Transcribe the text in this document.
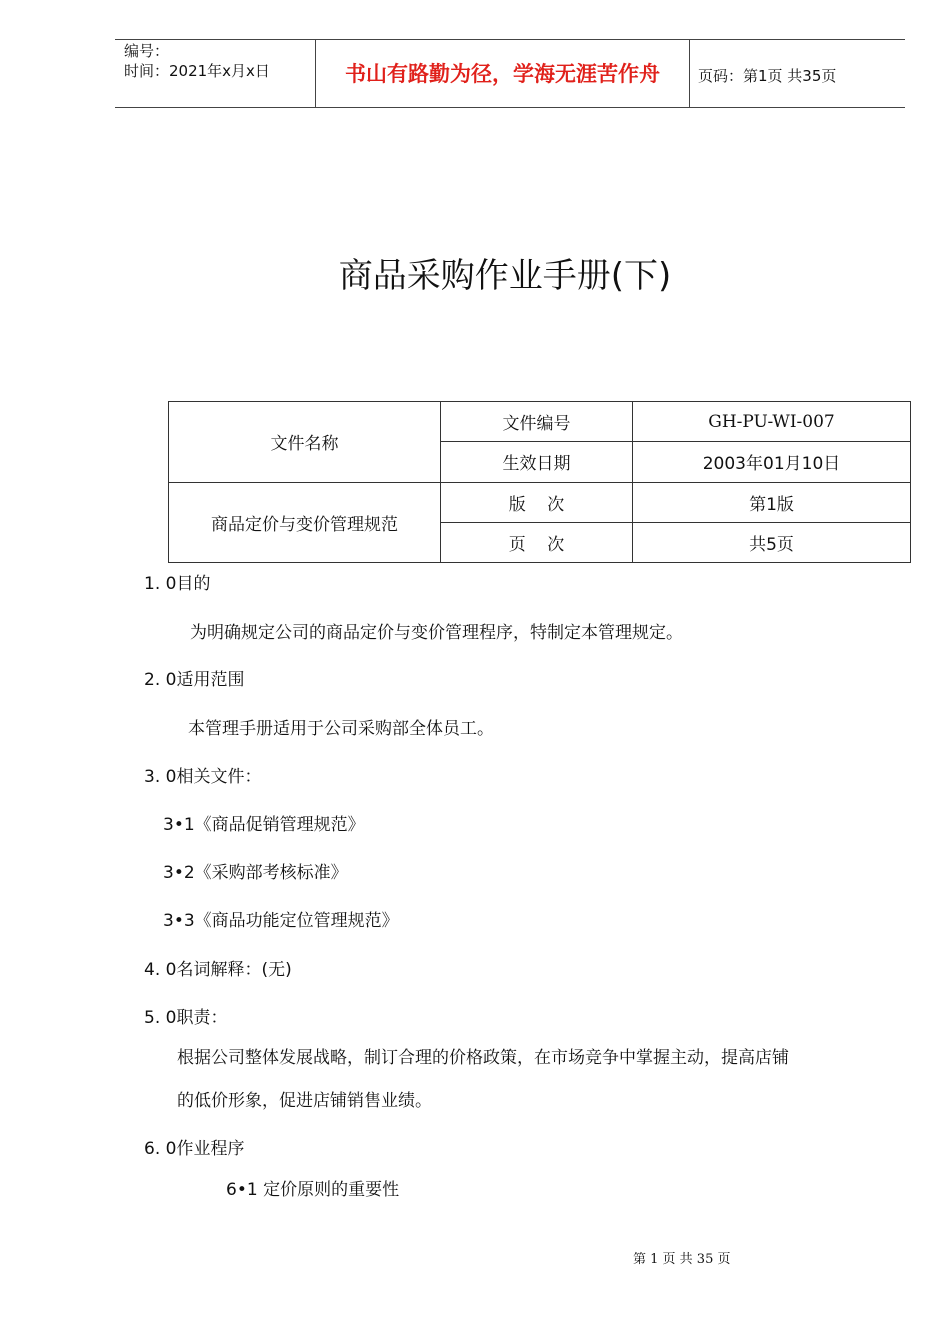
编号：
时间：2021年x月x日	书山有路勤为径，学海无涯苦作舟	页码：第1页 共35页
商品采购作业手册(下)
文件名称	文件编号	GH-PU-WI-007
	生效日期	2003年01月10日
商品定价与变价管理规范	版    次	第1版
	页    次	共5页
1. 0目的
为明确规定公司的商品定价与变价管理程序，特制定本管理规定。
2. 0适用范围
本管理手册适用于公司采购部全体员工。
3. 0相关文件：
3•1《商品促销管理规范》
3•2《采购部考核标准》
3•3《商品功能定位管理规范》
4. 0名词解释：(无)
5. 0职责：
根据公司整体发展战略，制订合理的价格政策，在市场竞争中掌握主动，提高店铺
的低价形象，促进店铺销售业绩。
6. 0作业程序
6•1 定价原则的重要性
第 1 页 共 35 页
